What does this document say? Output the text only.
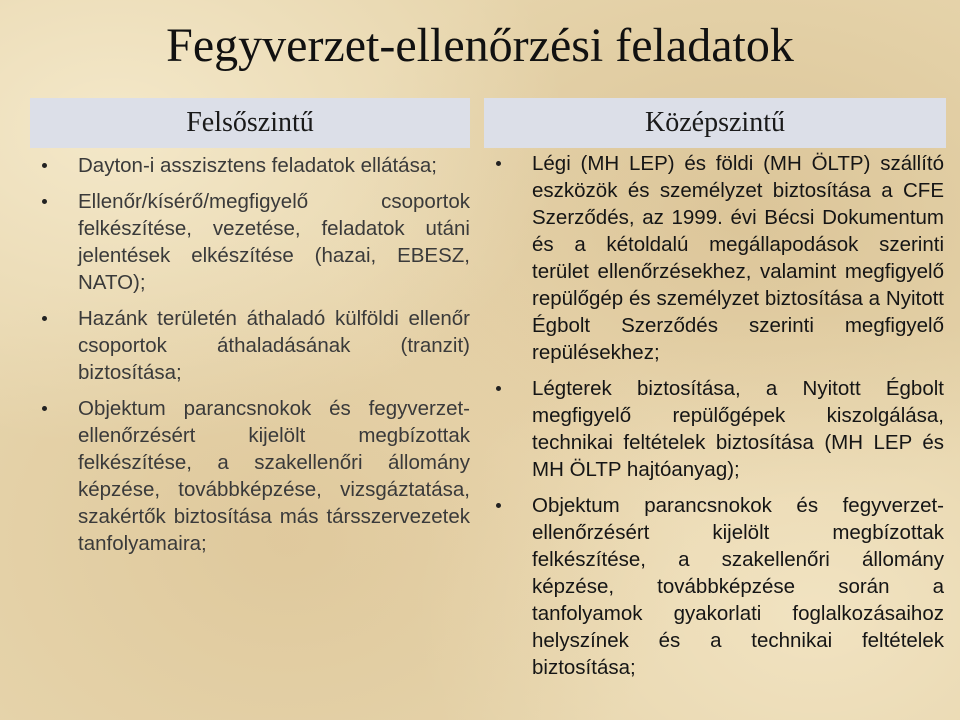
Fegyverzet-ellenőrzési feladatok
Felsőszintű
Dayton-i asszisztens feladatok ellátása;
Ellenőr/kísérő/megfigyelő csoportok felkészítése, vezetése, feladatok utáni jelentések elkészítése (hazai, EBESZ, NATO);
Hazánk területén áthaladó külföldi ellenőr csoportok áthaladásának (tranzit) biztosítása;
Objektum parancsnokok és fegyverzet-ellenőrzésért kijelölt megbízottak felkészítése, a szakellenőri állomány képzése, továbbképzése, vizsgáztatása, szakértők biztosítása más társszervezetek tanfolyamaira;
Középszintű
Légi (MH LEP) és földi (MH ÖLTP) szállító eszközök és személyzet biztosítása a CFE Szerződés, az 1999. évi Bécsi Dokumentum és a kétoldalú megállapodások szerinti terület ellenőrzésekhez, valamint megfigyelő repülőgép és személyzet biztosítása a Nyitott Égbolt Szerződés szerinti megfigyelő repülésekhez;
Légterek biztosítása, a Nyitott Égbolt megfigyelő repülőgépek kiszolgálása, technikai feltételek biztosítása (MH LEP és MH ÖLTP hajtóanyag);
Objektum parancsnokok és fegyverzet-ellenőrzésért kijelölt megbízottak felkészítése, a szakellenőri állomány képzése, továbbképzése során a tanfolyamok gyakorlati foglalkozásaihoz helyszínek és a technikai feltételek biztosítása;
